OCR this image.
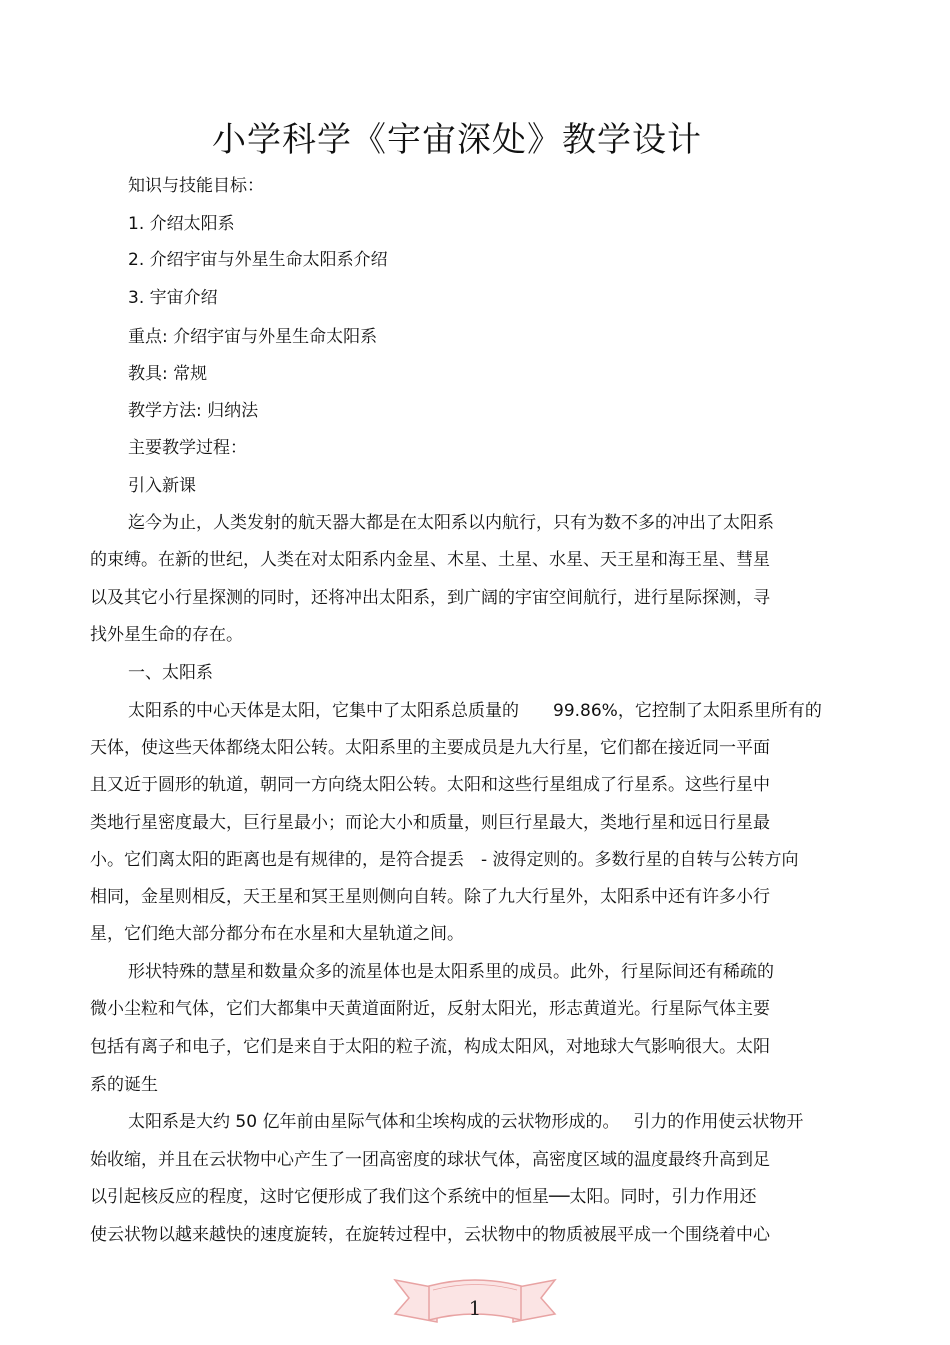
小学科学《宇宙深处》教学设计
知识与技能目标：
1. 介绍太阳系
2. 介绍宇宙与外星生命太阳系介绍
3. 宇宙介绍
重点: 介绍宇宙与外星生命太阳系
教具: 常规
教学方法: 归纳法
主要教学过程：
引入新课
迄今为止，人类发射的航天器大都是在太阳系以内航行，只有为数不多的冲出了太阳系
的束缚。在新的世纪，人类在对太阳系内金星、木星、土星、水星、天王星和海王星、彗星
以及其它小行星探测的同时，还将冲出太阳系，到广阔的宇宙空间航行，进行星际探测，寻
找外星生命的存在。
一、太阳系
太阳系的中心天体是太阳，它集中了太阳系总质量的　　99.86%，它控制了太阳系里所有的
天体，使这些天体都绕太阳公转。太阳系里的主要成员是九大行星，它们都在接近同一平面
且又近于圆形的轨道，朝同一方向绕太阳公转。太阳和这些行星组成了行星系。这些行星中
类地行星密度最大，巨行星最小；而论大小和质量，则巨行星最大，类地行星和远日行星最
小。它们离太阳的距离也是有规律的，是符合提丢　- 波得定则的。多数行星的自转与公转方向
相同，金星则相反，天王星和冥王星则侧向自转。除了九大行星外，太阳系中还有许多小行
星，它们绝大部分都分布在水星和大星轨道之间。
形状特殊的慧星和数量众多的流星体也是太阳系里的成员。此外，行星际间还有稀疏的
微小尘粒和气体，它们大都集中天黄道面附近，反射太阳光，形志黄道光。行星际气体主要
包括有离子和电子，它们是来自于太阳的粒子流，构成太阳风，对地球大气影响很大。太阳
系的诞生
太阳系是大约 50 亿年前由星际气体和尘埃构成的云状物形成的。　 引力的作用使云状物开
始收缩，并且在云状物中心产生了一团高密度的球状气体，高密度区域的温度最终升高到足
以引起核反应的程度，这时它便形成了我们这个系统中的恒星──太阳。同时，引力作用还
使云状物以越来越快的速度旋转，在旋转过程中，云状物中的物质被展平成一个围绕着中心
1
